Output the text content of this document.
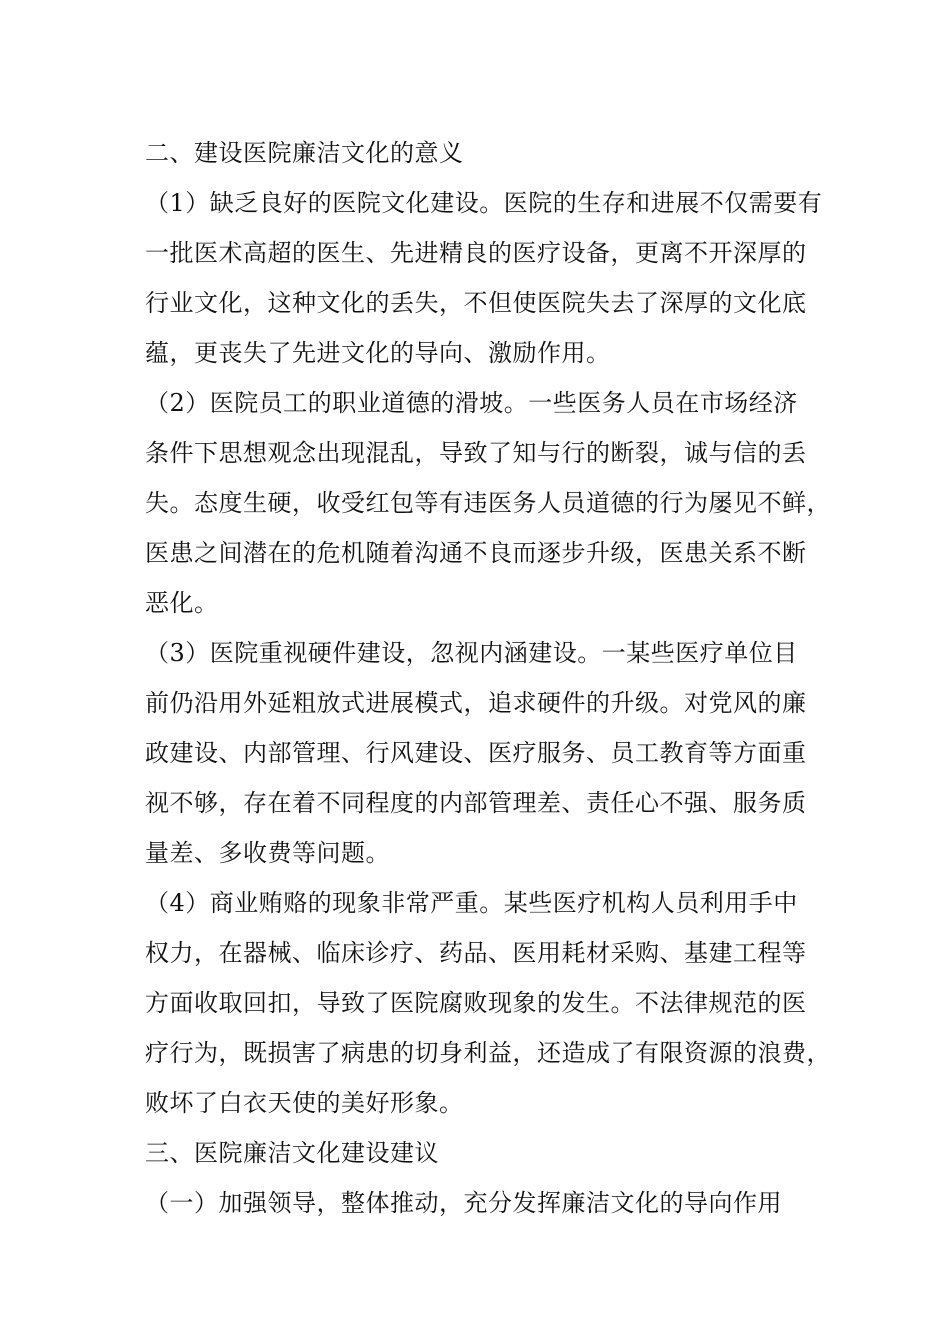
二、建设医院廉洁文化的意义
（1）缺乏良好的医院文化建设。医院的生存和进展不仅需要有
一批医术高超的医生、先进精良的医疗设备，更离不开深厚的
行业文化，这种文化的丢失，不但使医院失去了深厚的文化底
蕴，更丧失了先进文化的导向、激励作用。
（2）医院员工的职业道德的滑坡。一些医务人员在市场经济
条件下思想观念出现混乱，导致了知与行的断裂，诚与信的丢
失。态度生硬，收受红包等有违医务人员道德的行为屡见不鲜，
医患之间潜在的危机随着沟通不良而逐步升级，医患关系不断
恶化。
（3）医院重视硬件建设，忽视内涵建设。一某些医疗单位目
前仍沿用外延粗放式进展模式，追求硬件的升级。对党风的廉
政建设、内部管理、行风建设、医疗服务、员工教育等方面重
视不够，存在着不同程度的内部管理差、责任心不强、服务质
量差、多收费等问题。
（4）商业贿赂的现象非常严重。某些医疗机构人员利用手中
权力，在器械、临床诊疗、药品、医用耗材采购、基建工程等
方面收取回扣，导致了医院腐败现象的发生。不法律规范的医
疗行为，既损害了病患的切身利益，还造成了有限资源的浪费，
败坏了白衣天使的美好形象。
三、医院廉洁文化建设建议
（一）加强领导，整体推动，充分发挥廉洁文化的导向作用
